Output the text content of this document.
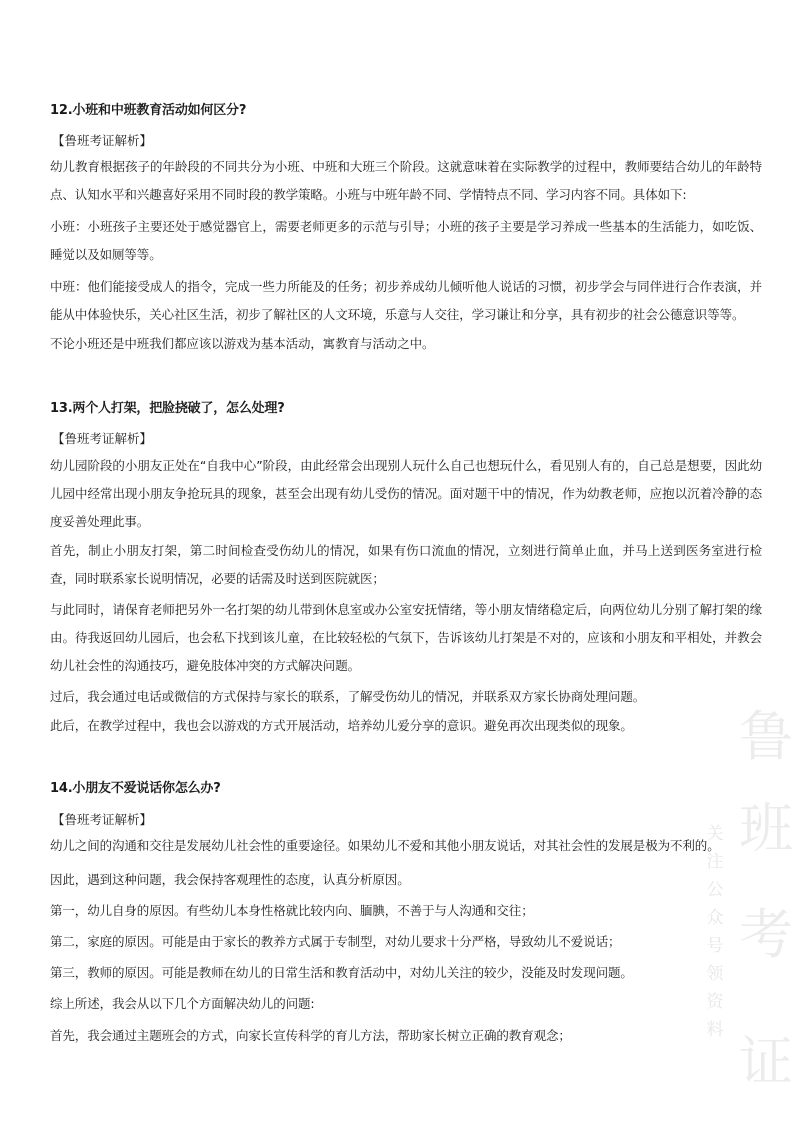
鲁
班
考
证
关
注
公
众
号
领
资
料
12.小班和中班教育活动如何区分?
【鲁班考证解析】
幼儿教育根据孩子的年龄段的不同共分为小班、中班和大班三个阶段。这就意味着在实际教学的过程中，教师要结合幼儿的年龄特点、认知水平和兴趣喜好采用不同时段的教学策略。小班与中班年龄不同、学情特点不同、学习内容不同。具体如下:
小班：小班孩子主要还处于感觉器官上，需要老师更多的示范与引导；小班的孩子主要是学习养成一些基本的生活能力，如吃饭、睡觉以及如厕等等。
中班：他们能接受成人的指令，完成一些力所能及的任务；初步养成幼儿倾听他人说话的习惯，初步学会与同伴进行合作表演，并能从中体验快乐，关心社区生活，初步了解社区的人文环境，乐意与人交往，学习谦让和分享，具有初步的社会公德意识等等。
不论小班还是中班我们都应该以游戏为基本活动，寓教育与活动之中。
13.两个人打架，把脸挠破了，怎么处理?
【鲁班考证解析】
幼儿园阶段的小朋友正处在“自我中心”阶段，由此经常会出现别人玩什么自己也想玩什么，看见别人有的，自己总是想要，因此幼儿园中经常出现小朋友争抢玩具的现象，甚至会出现有幼儿受伤的情况。面对题干中的情况，作为幼教老师，应抱以沉着冷静的态度妥善处理此事。
首先，制止小朋友打架，第二时间检查受伤幼儿的情况，如果有伤口流血的情况，立刻进行简单止血，并马上送到医务室进行检查，同时联系家长说明情况，必要的话需及时送到医院就医；
与此同时，请保育老师把另外一名打架的幼儿带到休息室或办公室安抚情绪，等小朋友情绪稳定后，向两位幼儿分别了解打架的缘由。待我返回幼儿园后，也会私下找到该儿童，在比较轻松的气氛下，告诉该幼儿打架是不对的，应该和小朋友和平相处，并教会幼儿社会性的沟通技巧，避免肢体冲突的方式解决问题。
过后，我会通过电话或微信的方式保持与家长的联系，了解受伤幼儿的情况，并联系双方家长协商处理问题。
此后，在教学过程中，我也会以游戏的方式开展活动，培养幼儿爱分享的意识。避免再次出现类似的现象。
14.小朋友不爱说话你怎么办?
【鲁班考证解析】
幼儿之间的沟通和交往是发展幼儿社会性的重要途径。如果幼儿不爱和其他小朋友说话，对其社会性的发展是极为不利的。
因此，遇到这种问题，我会保持客观理性的态度，认真分析原因。
第一，幼儿自身的原因。有些幼儿本身性格就比较内向、腼腆，不善于与人沟通和交往；
第二，家庭的原因。可能是由于家长的教养方式属于专制型，对幼儿要求十分严格，导致幼儿不爱说话；
第三，教师的原因。可能是教师在幼儿的日常生活和教育活动中，对幼儿关注的较少，没能及时发现问题。
综上所述，我会从以下几个方面解决幼儿的问题:
首先，我会通过主题班会的方式，向家长宣传科学的育儿方法，帮助家长树立正确的教育观念；
